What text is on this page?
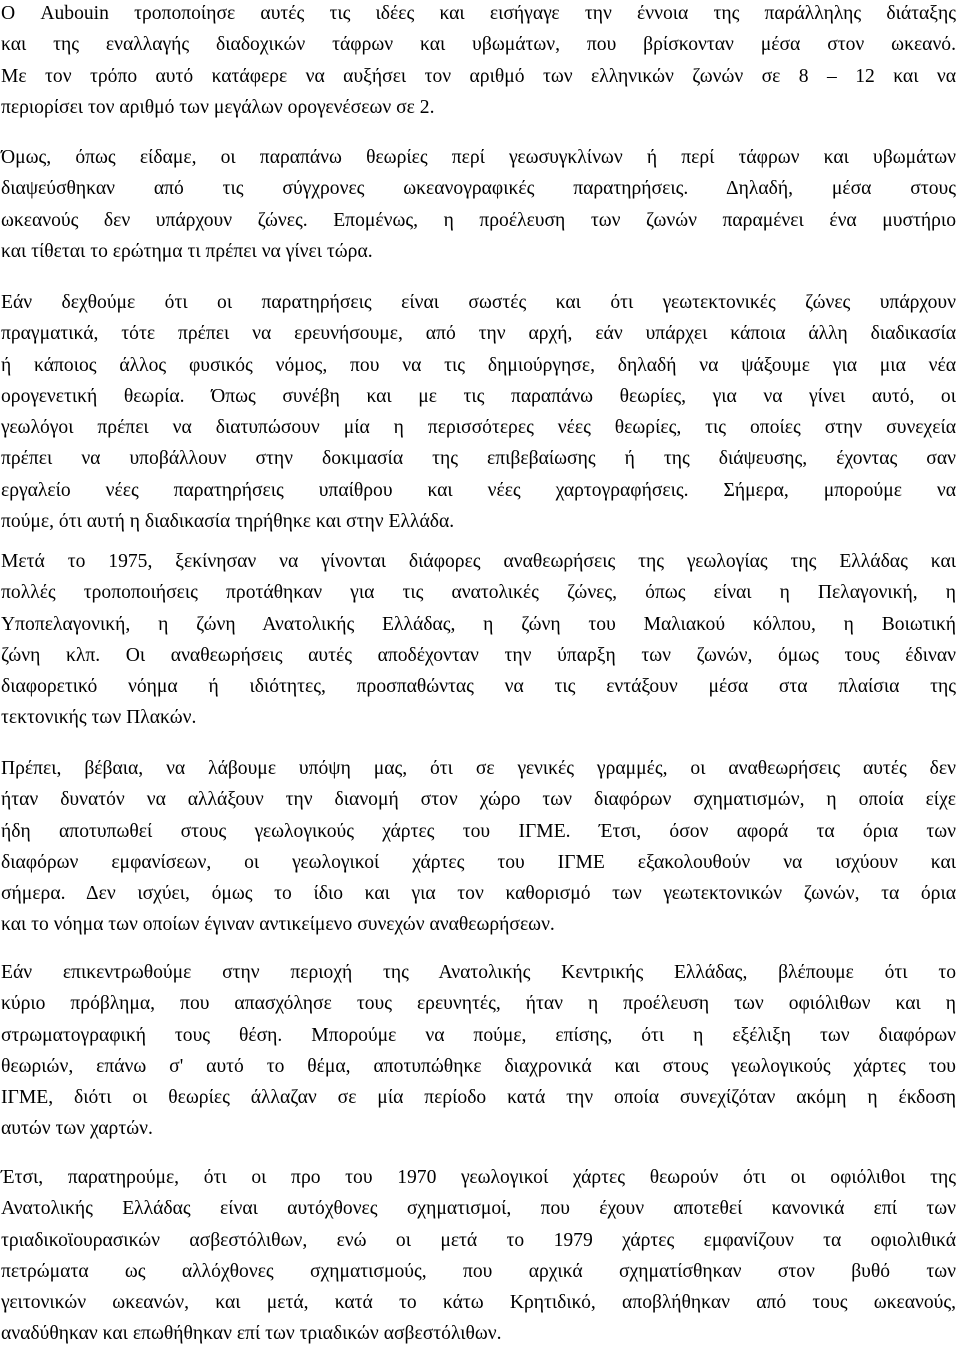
Ο Aubouin τροποποίησε αυτές τις ιδέες και εισήγαγε την έννοια της παράλληλης διάταξης
και της εναλλαγής διαδοχικών τάφρων και υβωμάτων, που βρίσκονταν μέσα στον ωκεανό.
Με τον τρόπο αυτό κατάφερε να αυξήσει τον αριθμό των ελληνικών ζωνών σε 8 – 12 και να
περιορίσει τον αριθμό των μεγάλων ορογενέσεων σε 2.
Όμως, όπως είδαμε, οι παραπάνω θεωρίες περί γεωσυγκλίνων ή περί τάφρων και υβωμάτων
διαψεύσθηκαν από τις σύγχρονες ωκεανογραφικές παρατηρήσεις. Δηλαδή, μέσα στους
ωκεανούς δεν υπάρχουν ζώνες. Επομένως, η προέλευση των ζωνών παραμένει ένα μυστήριο
και τίθεται το ερώτημα τι πρέπει να γίνει τώρα.
Εάν δεχθούμε ότι οι παρατηρήσεις είναι σωστές και ότι γεωτεκτονικές ζώνες υπάρχουν
πραγματικά, τότε πρέπει να ερευνήσουμε, από την αρχή, εάν υπάρχει κάποια άλλη διαδικασία
ή κάποιος άλλος φυσικός νόμος, που να τις δημιούργησε, δηλαδή να ψάξουμε για μια νέα
ορογενετική θεωρία. Όπως συνέβη και με τις παραπάνω θεωρίες, για να γίνει αυτό, οι
γεωλόγοι πρέπει να διατυπώσουν μία η περισσότερες νέες θεωρίες, τις οποίες στην συνεχεία
πρέπει να υποβάλλουν στην δοκιμασία της επιβεβαίωσης ή της διάψευσης, έχοντας σαν
εργαλείο νέες παρατηρήσεις υπαίθρου και νέες χαρτογραφήσεις. Σήμερα, μπορούμε να
πούμε, ότι αυτή η διαδικασία τηρήθηκε και στην Ελλάδα.
Μετά το 1975, ξεκίνησαν να γίνονται διάφορες αναθεωρήσεις της γεωλογίας της Ελλάδας και
πολλές τροποποιήσεις προτάθηκαν για τις ανατολικές ζώνες, όπως είναι η Πελαγονική, η
Υποπελαγονική, η ζώνη Ανατολικής Ελλάδας, η ζώνη του Μαλιακού κόλπου, η Βοιωτική
ζώνη κλπ. Οι αναθεωρήσεις αυτές αποδέχονταν την ύπαρξη των ζωνών, όμως τους έδιναν
διαφορετικό νόημα ή ιδιότητες, προσπαθώντας να τις εντάξουν μέσα στα πλαίσια της
τεκτονικής των Πλακών.
Πρέπει, βέβαια, να λάβουμε υπόψη μας, ότι σε γενικές γραμμές, οι αναθεωρήσεις αυτές δεν
ήταν δυνατόν να αλλάξουν την διανομή στον χώρο των διαφόρων σχηματισμών, η οποία είχε
ήδη αποτυπωθεί στους γεωλογικούς χάρτες του ΙΓΜΕ. Έτσι, όσον αφορά τα όρια των
διαφόρων εμφανίσεων, οι γεωλογικοί χάρτες του ΙΓΜΕ εξακολουθούν να ισχύουν και
σήμερα. Δεν ισχύει, όμως το ίδιο και για τον καθορισμό των γεωτεκτονικών ζωνών, τα όρια
και το νόημα των οποίων έγιναν αντικείμενο συνεχών αναθεωρήσεων.
Εάν επικεντρωθούμε στην περιοχή της Ανατολικής Κεντρικής Ελλάδας, βλέπουμε ότι το
κύριο πρόβλημα, που απασχόλησε τους ερευνητές, ήταν η προέλευση των οφιόλιθων και η
στρωματογραφική τους θέση. Μπορούμε να πούμε, επίσης, ότι η εξέλιξη των διαφόρων
θεωριών, επάνω σ' αυτό το θέμα, αποτυπώθηκε διαχρονικά και στους γεωλογικούς χάρτες του
ΙΓΜΕ, διότι οι θεωρίες άλλαζαν σε μία περίοδο κατά την οποία συνεχίζόταν ακόμη η έκδοση
αυτών των χαρτών.
Έτσι, παρατηρούμε, ότι οι προ του 1970 γεωλογικοί χάρτες θεωρούν ότι οι οφιόλιθοι της
Ανατολικής Ελλάδας είναι αυτόχθονες σχηματισμοί, που έχουν αποτεθεί κανονικά επί των
τριαδικοϊουρασικών ασβεστόλιθων, ενώ οι μετά το 1979 χάρτες εμφανίζουν τα οφιολιθικά
πετρώματα ως αλλόχθονες σχηματισμούς, που αρχικά σχηματίσθηκαν στον βυθό των
γειτονικών ωκεανών, και μετά, κατά το κάτω Κρητιδικό, αποβλήθηκαν από τους ωκεανούς,
αναδύθηκαν και επωθήθηκαν επί των τριαδικών ασβεστόλιθων.
